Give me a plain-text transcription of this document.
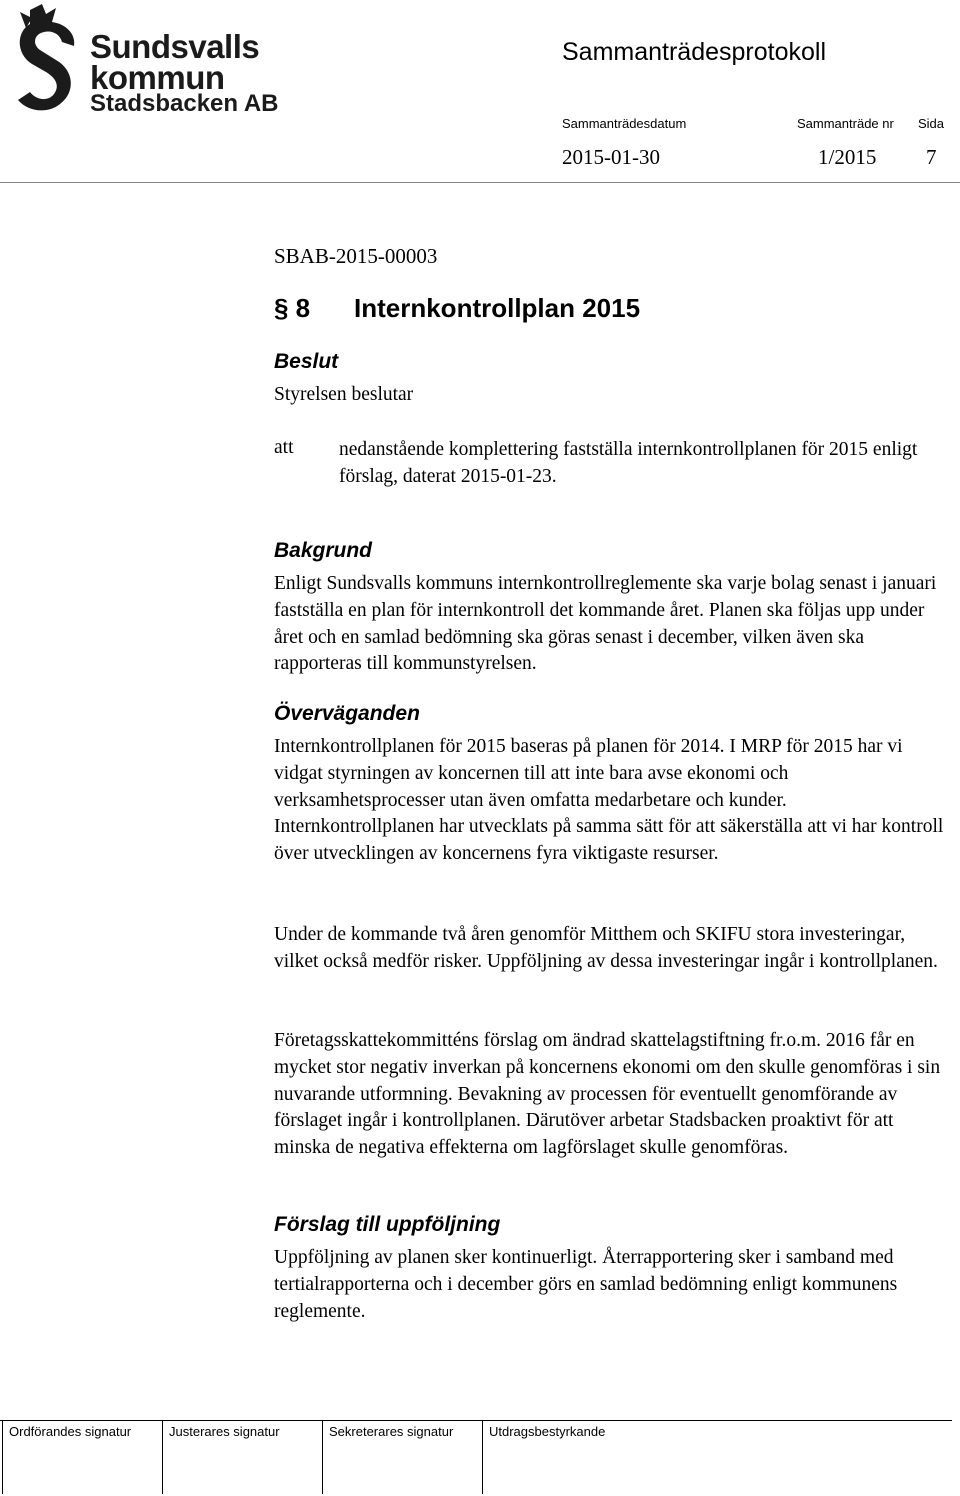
Sundsvalls
kommun
Stadsbacken AB
Sammanträdesprotokoll
Sammanträdesdatum	Sammanträde nr Sida
2015-01-30	1/2015 7
SBAB-2015-00003
§ 8 Internkontrollplan 2015
Beslut
Styrelsen beslutar
att nedanstående komplettering fastställa internkontrollplanen för 2015 enligt förslag, daterat 2015-01-23.
Bakgrund
Enligt Sundsvalls kommuns internkontrollreglemente ska varje bolag senast i januari fastställa en plan för internkontroll det kommande året. Planen ska följas upp under året och en samlad bedömning ska göras senast i december, vilken även ska rapporteras till kommunstyrelsen.
Överväganden
Internkontrollplanen för 2015 baseras på planen för 2014. I MRP för 2015 har vi vidgat styrningen av koncernen till att inte bara avse ekonomi och verksamhetsprocesser utan även omfatta medarbetare och kunder. Internkontrollplanen har utvecklats på samma sätt för att säkerställa att vi har kontroll över utvecklingen av koncernens fyra viktigaste resurser.
Under de kommande två åren genomför Mitthem och SKIFU stora investeringar, vilket också medför risker. Uppföljning av dessa investeringar ingår i kontrollplanen.
Företagsskattekommitténs förslag om ändrad skattelagstiftning fr.o.m. 2016 får en mycket stor negativ inverkan på koncernens ekonomi om den skulle genomföras i sin nuvarande utformning. Bevakning av processen för eventuellt genomförande av förslaget ingår i kontrollplanen. Därutöver arbetar Stadsbacken proaktivt för att minska de negativa effekterna om lagförslaget skulle genomföras.
Förslag till uppföljning
Uppföljning av planen sker kontinuerligt. Återrapportering sker i samband med tertialrapporterna och i december görs en samlad bedömning enligt kommunens reglemente.
Ordförandes signatur	Justerares signatur	Sekreterares signatur	Utdragsbestyrkande
